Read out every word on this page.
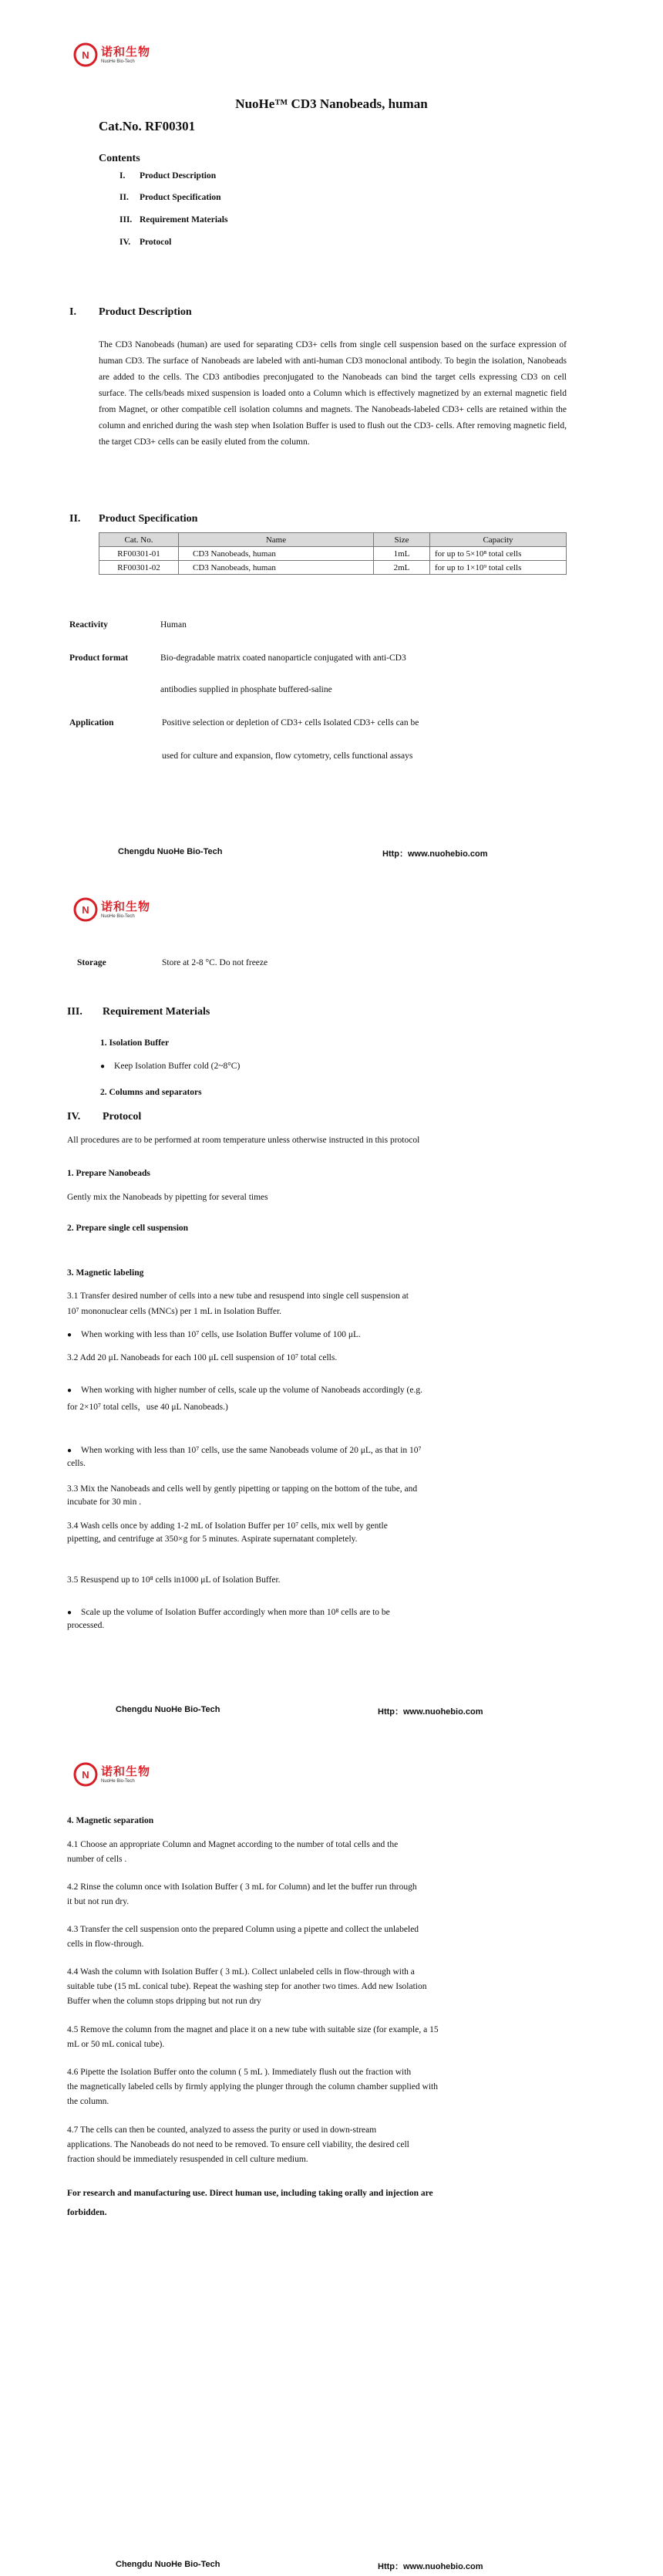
N 诺和生物
NuoHe Bio-Tech
NuoHe™ CD3 Nanobeads, human
Cat.No. RF00301
Contents
I. Product Description
II. Product Specification
III. Requirement Materials
IV. Protocol
I. Product Description
The CD3 Nanobeads (human) are used for separating CD3+ cells from single cell suspension based on the surface expression of human CD3. The surface of Nanobeads are labeled with anti-human CD3 monoclonal antibody. To begin the isolation, Nanobeads are added to the cells. The CD3 antibodies preconjugated to the Nanobeads can bind the target cells expressing CD3 on cell surface. The cells/beads mixed suspension is loaded onto a Column which is effectively magnetized by an external magnetic field from Magnet, or other compatible cell isolation columns and magnets. The Nanobeads-labeled CD3+ cells are retained within the column and enriched during the wash step when Isolation Buffer is used to flush out the CD3- cells. After removing magnetic field, the target CD3+ cells can be easily eluted from the column.
II. Product Specification
Cat. No.	Name	Size	Capacity
RF00301-01	CD3 Nanobeads, human	1mL	for up to 5×10⁸ total cells
RF00301-02	CD3 Nanobeads, human	2mL	for up to 1×10⁹ total cells
Reactivity	Human
Product format	Bio-degradable matrix coated nanoparticle conjugated with anti-CD3
antibodies supplied in phosphate buffered-saline
Application	Positive selection or depletion of CD3+ cells Isolated CD3+ cells can be
used for culture and expansion, flow cytometry, cells functional assays
Chengdu NuoHe Bio-Tech	Http：www.nuohebio.com
N 诺和生物
NuoHe Bio-Tech
Storage	Store at 2-8 °C. Do not freeze
III. Requirement Materials
1. Isolation Buffer
● Keep Isolation Buffer cold (2~8°C)
2. Columns and separators
IV. Protocol
All procedures are to be performed at room temperature unless otherwise instructed in this protocol
1. Prepare Nanobeads
Gently mix the Nanobeads by pipetting for several times
2. Prepare single cell suspension
3. Magnetic labeling
3.1 Transfer desired number of cells into a new tube and resuspend into single cell suspension at
10⁷ mononuclear cells (MNCs) per 1 mL in Isolation Buffer.
● When working with less than 10⁷ cells, use Isolation Buffer volume of 100 μL.
3.2 Add 20 μL Nanobeads for each 100 μL cell suspension of 10⁷ total cells.
● When working with higher number of cells, scale up the volume of Nanobeads accordingly (e.g.
for 2×10⁷ total cells，use 40 μL Nanobeads.)
● When working with less than 10⁷ cells, use the same Nanobeads volume of 20 μL, as that in 10⁷
cells.
3.3 Mix the Nanobeads and cells well by gently pipetting or tapping on the bottom of the tube, and
incubate for 30 min .
3.4 Wash cells once by adding 1-2 mL of Isolation Buffer per 10⁷ cells, mix well by gentle
pipetting, and centrifuge at 350×g for 5 minutes. Aspirate supernatant completely.
3.5 Resuspend up to 10⁸ cells in1000 μL of Isolation Buffer.
● Scale up the volume of Isolation Buffer accordingly when more than 10⁸ cells are to be
processed.
Chengdu NuoHe Bio-Tech	Http：www.nuohebio.com
N 诺和生物
NuoHe Bio-Tech
4. Magnetic separation
4.1 Choose an appropriate Column and Magnet according to the number of total cells and the
number of cells .
4.2 Rinse the column once with Isolation Buffer ( 3 mL for Column) and let the buffer run through
it but not run dry.
4.3 Transfer the cell suspension onto the prepared Column using a pipette and collect the unlabeled
cells in flow-through.
4.4 Wash the column with Isolation Buffer ( 3 mL). Collect unlabeled cells in flow-through with a
suitable tube (15 mL conical tube). Repeat the washing step for another two times. Add new Isolation
Buffer when the column stops dripping but not run dry
4.5 Remove the column from the magnet and place it on a new tube with suitable size (for example, a 15
mL or 50 mL conical tube).
4.6 Pipette the Isolation Buffer onto the column ( 5 mL ). Immediately flush out the fraction with
the magnetically labeled cells by firmly applying the plunger through the column chamber supplied with
the column.
4.7 The cells can then be counted, analyzed to assess the purity or used in down-stream
applications. The Nanobeads do not need to be removed. To ensure cell viability, the desired cell
fraction should be immediately resuspended in cell culture medium.
For research and manufacturing use. Direct human use, including taking orally and injection are
forbidden.
Chengdu NuoHe Bio-Tech	Http：www.nuohebio.com
